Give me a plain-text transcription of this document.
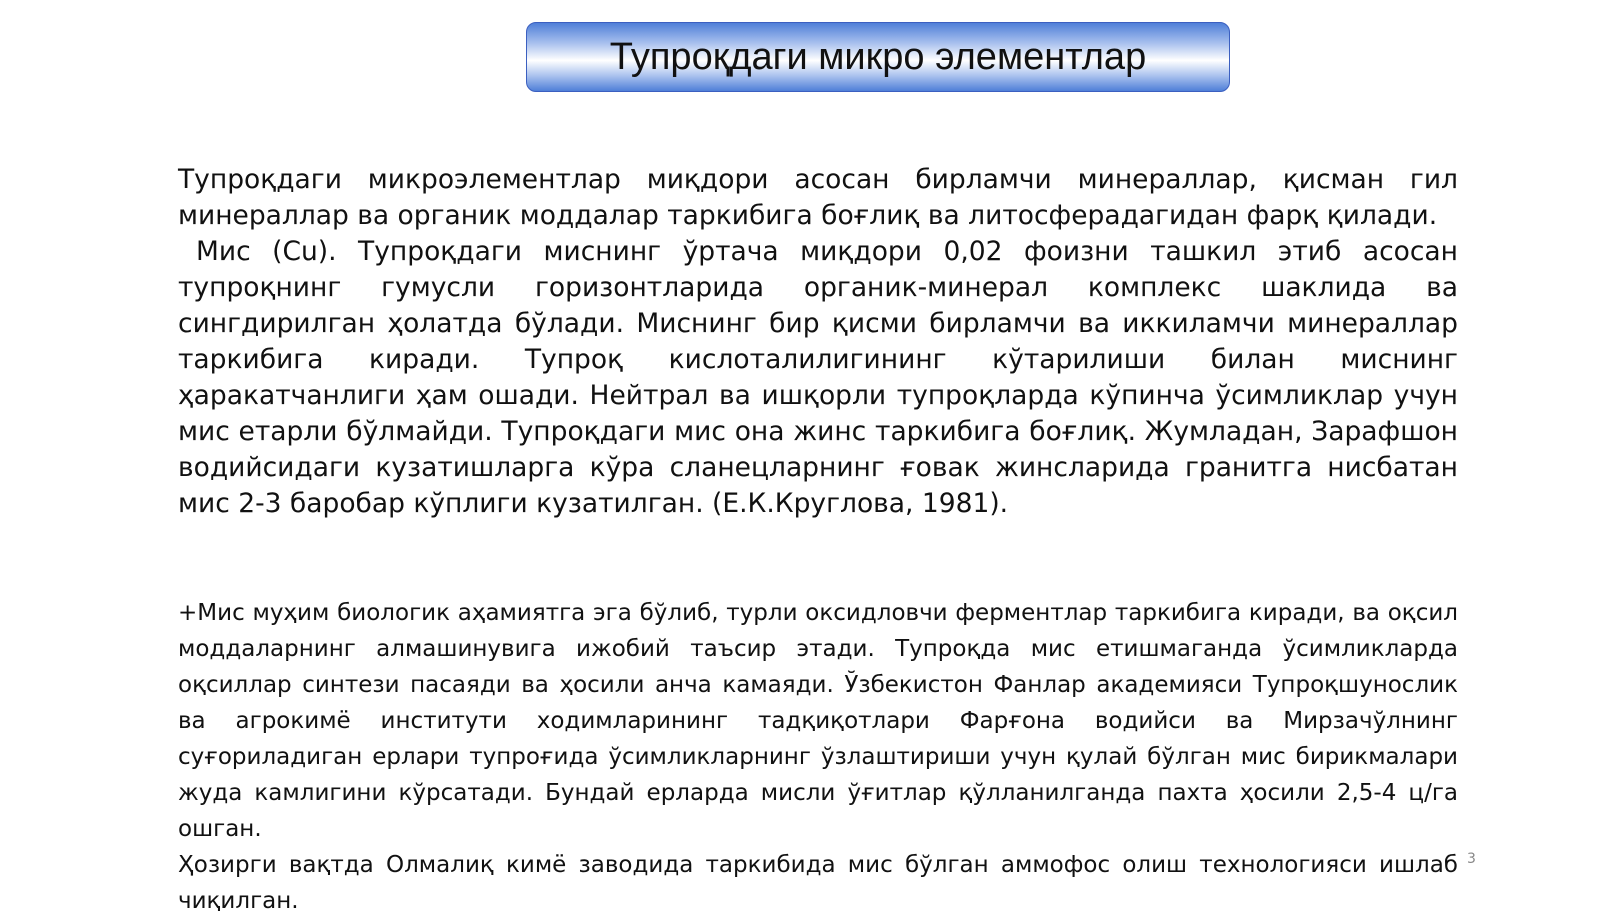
Тупроқдаги микро элементлар

Тупроқдаги микроэлементлар миқдори асосан бирламчи минераллар, қисман гил минераллар ва органик моддалар таркибига боғлиқ ва литосферадагидан фарқ қилади.

Мис (Cu). Тупроқдаги миснинг ўртача миқдори 0,02 фоизни ташкил этиб асосан тупроқнинг гумусли горизонтларида органик-минерал комплекс шаклида ва сингдирилган ҳолатда бўлади. Миснинг бир қисми бирламчи ва иккиламчи минераллар таркибига киради. Тупроқ кислоталилигининг кўтарилиши билан миснинг ҳаракатчанлиги ҳам ошади. Нейтрал ва ишқорли тупроқларда кўпинча ўсимликлар учун мис етарли бўлмайди. Тупроқдаги мис она жинс таркибига боғлиқ. Жумладан, Зарафшон водийсидаги кузатишларга кўра сланецларнинг ғовак жинсларида гранитга нисбатан мис 2-3 баробар кўплиги кузатилган. (Е.К.Круглова, 1981).

+Мис муҳим биологик аҳамиятга эга бўлиб, турли оксидловчи ферментлар таркибига киради, ва оқсил моддаларнинг алмашинувига ижобий таъсир этади. Тупроқда мис етишмаганда ўсимликларда оқсиллар синтези пасаяди ва ҳосили анча камаяди. Ўзбекистон Фанлар академияси Тупроқшунослик ва агрокимё институти ходимларининг тадқиқотлари Фарғона водийси ва Мирзачўлнинг суғориладиган ерлари тупроғида ўсимликларнинг ўзлаштириши учун қулай бўлган мис бирикмалари жуда камлигини кўрсатади. Бундай ерларда мисли ўғитлар қўлланилганда пахта ҳосили 2,5-4 ц/га ошган.

Ҳозирги вақтда Олмалиқ кимё заводида таркибида мис бўлган аммофос олиш технологияси ишлаб чиқилган.

3
